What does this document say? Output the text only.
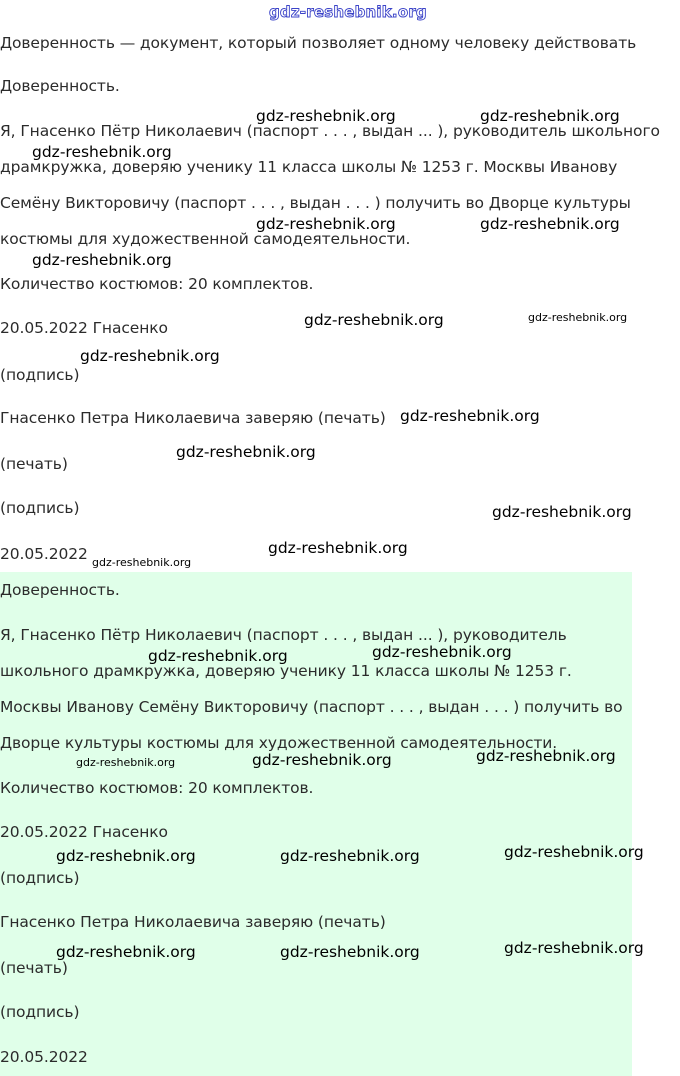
gdz-reshebnik.org
Доверенность — документ, который позволяет одному человеку действовать
Доверенность.
Я, Гнасенко Пётр Николаевич (паспорт . . . , выдан ... ), руководитель школьного
драмкружка, доверяю ученику 11 класса школы № 1253 г. Москвы Иванову
Семёну Викторовичу (паспорт . . . , выдан . . . ) получить во Дворце культуры
костюмы для художественной самодеятельности.
Количество костюмов: 20 комплектов.
20.05.2022 Гнасенко
(подпись)
Гнасенко Петра Николаевича заверяю (печать)
(печать)
(подпись)
20.05.2022
Доверенность.
Я, Гнасенко Пётр Николаевич (паспорт . . . , выдан ... ), руководитель
школьного драмкружка, доверяю ученику 11 класса школы № 1253 г.
Москвы Иванову Семёну Викторовичу (паспорт . . . , выдан . . . ) получить во
Дворце культуры костюмы для художественной самодеятельности.
Количество костюмов: 20 комплектов.
20.05.2022 Гнасенко
(подпись)
Гнасенко Петра Николаевича заверяю (печать)
(печать)
(подпись)
20.05.2022
gdz-reshebnik.org	gdz-reshebnik.org
gdz-reshebnik.org
gdz-reshebnik.org	gdz-reshebnik.org
gdz-reshebnik.org
gdz-reshebnik.org	gdz-reshebnik.org
gdz-reshebnik.org
gdz-reshebnik.org
gdz-reshebnik.org
gdz-reshebnik.org
gdz-reshebnik.org
gdz-reshebnik.org
gdz-reshebnik.org
gdz-reshebnik.org
gdz-reshebnik.org
gdz-reshebnik.org
gdz-reshebnik.org
gdz-reshebnik.org
gdz-reshebnik.org	gdz-reshebnik.org
gdz-reshebnik.org
gdz-reshebnik.org	gdz-reshebnik.org
